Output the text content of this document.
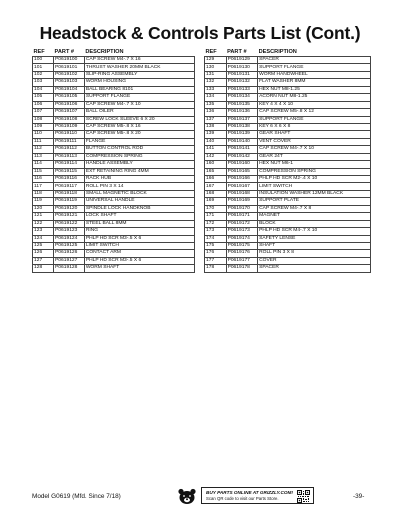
Headstock & Controls Parts List (Cont.)
REF	PART #	DESCRIPTION
100	P0619100	CAP SCREW M4-.7 X 16
101	P0619101	THRUST WASHER 20MM BLACK
102	P0619102	SLIP-RING ASSEMBLY
103	P0619103	WORM HOUSING
104	P0619104	BALL BEARING 8101
105	P0619105	SUPPORT FLANGE
106	P0619106	CAP SCREW M4-.7 X 10
107	P0619107	BALL OILER
108	P0619108	SCREW LOCK SLEEVE 6 X 20
109	P0619109	CAP SCREW M5-.8 X 16
110	P0619110	CAP SCREW M5-.8 X 20
111	P0619111	FLANGE
112	P0619112	BUTTON CONTROL ROD
113	P0619113	COMPRESSION SPRING
114	P0619114	HANDLE ASSEMBLY
115	P0619115	EXT RETAINING RING 4MM
116	P0619116	RACK HUB
117	P0619117	ROLL PIN 3 X 14
118	P0619118	SMALL MAGNETIC BLOCK
119	P0619119	UNIVERSAL HANDLE
120	P0619120	SPINDLE LOCK HANDKNOB
121	P0619121	LOCK SHAFT
122	P0619122	STEEL BALL 8MM
123	P0619123	RING
124	P0619124	PHLP HD SCR M3-.5 X 6
125	P0619125	LIMIT SWITCH
126	P0619126	CONTACT ARM
127	P0619127	PHLP HD SCR M3-.5 X 6
128	P0619128	WORM SHAFT
REF	PART #	DESCRIPTION
129	P0619129	SPACER
130	P0619130	SUPPORT FLANGE
131	P0619131	WORM HANDWHEEL
132	P0619132	FLAT WASHER 8MM
133	P0619133	HEX NUT M8-1.25
134	P0619134	ACORN NUT M8-1.25
135	P0619135	KEY 4 X 4 X 10
136	P0619136	CAP SCREW M5-.8 X 12
137	P0619137	SUPPORT FLANGE
138	P0619138	KEY 6 X 6 X 8
139	P0619139	GEAR SHAFT
140	P0619140	VENT COVER
141	P0619141	CAP SCREW M4-.7 X 10
142	P0619142	GEAR 24T
160	P0619160	HEX NUT M6-1
165	P0619165	COMPRESSION SPRING
166	P0619166	PHLP HD SCR M2-.4 X 10
167	P0619167	LIMIT SWITCH
168	P0619168	INSULATION WASHER 12MM BLACK
169	P0619169	SUPPORT PLATE
170	P0619170	CAP SCREW M4-.7 X 8
171	P0619171	MAGNET
172	P0619172	BLOCK
173	P0619173	PHLP HD SCR M4-.7 X 10
174	P0619174	SAFETY LENSE
175	P0619175	SHAFT
176	P0619176	ROLL PIN 3 X 8
177	P0619177	COVER
178	P0619178	SPACER
Model G0619 (Mfd. Since 7/18)
BUY PARTS ONLINE AT GRIZZLY.COM!
Scan QR code to visit our Parts Store.	-39-
